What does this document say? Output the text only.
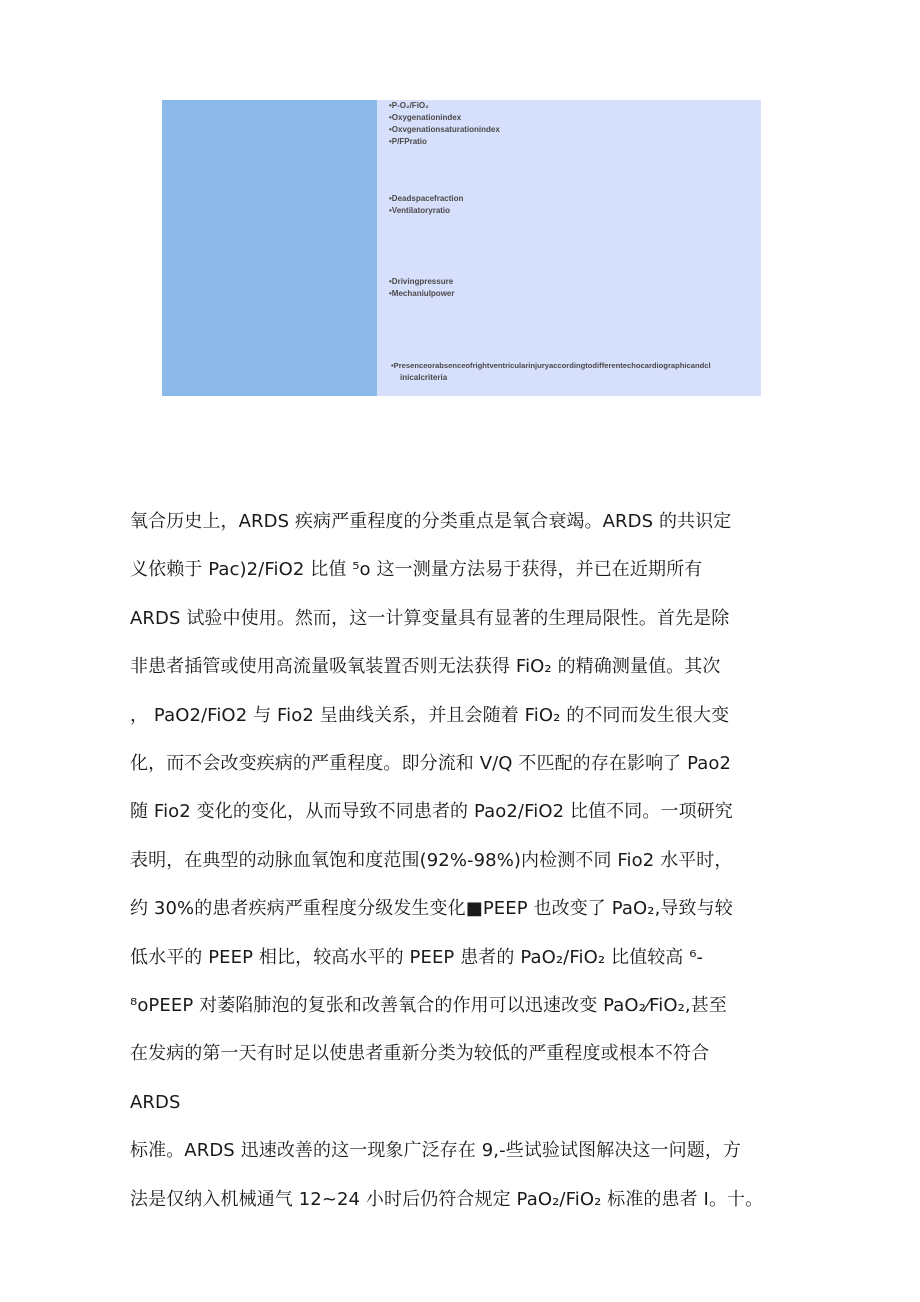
•P-O₂/FiO₂
•Oxygenationindex
•Oxvgenationsaturationindex
•P/FPratio
•Deadspacefraction
•Ventilatoryratio
•Drivingpressure
•Mechaniulpower
•Presenceorabsenceofrightventricularinjuryaccordingtodifferentechocardiographicandcl
inicalcriteria

氧合历史上，ARDS 疾病严重程度的分类重点是氧合衰竭。ARDS 的共识定

义依赖于 Pac)2/FiO2 比值 ⁵o 这一测量方法易于获得，并已在近期所有

ARDS 试验中使用。然而，这一计算变量具有显著的生理局限性。首先是除

非患者插管或使用高流量吸氧装置否则无法获得 FiO₂ 的精确测量值。其次

， PaO2/FiO2 与 Fio2 呈曲线关系，并且会随着 FiO₂ 的不同而发生很大变

化，而不会改变疾病的严重程度。即分流和 V/Q 不匹配的存在影响了 Pao2

随 Fio2 变化的变化，从而导致不同患者的 Pao2/FiO2 比值不同。一项研究

表明，在典型的动脉血氧饱和度范围(92%-98%)内检测不同 Fio2 水平时，

约 30%的患者疾病严重程度分级发生变化■PEEP 也改变了 PaO₂,导致与较

低水平的 PEEP 相比，较高水平的 PEEP 患者的 PaO₂/FiO₂ 比值较高 ⁶-

⁸oPEEP 对萎陷肺泡的复张和改善氧合的作用可以迅速改变 PaO₂⁄FiO₂,甚至

在发病的第一天有时足以使患者重新分类为较低的严重程度或根本不符合

ARDS

标准。ARDS 迅速改善的这一现象广泛存在 9,-些试验试图解决这一问题，方

法是仅纳入机械通气 12~24 小时后仍符合规定 PaO₂/FiO₂ 标准的患者 I。十。
